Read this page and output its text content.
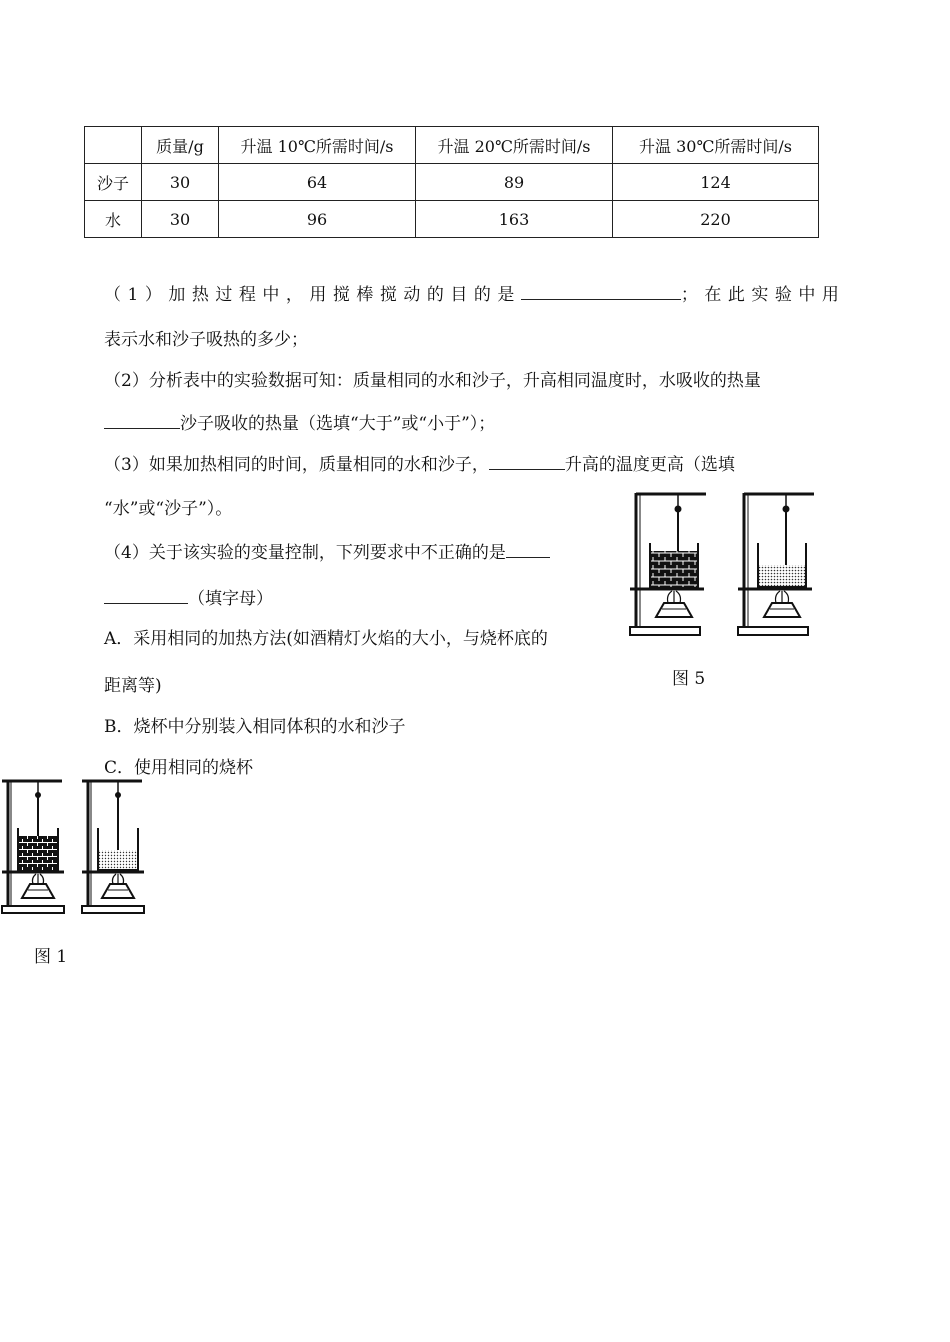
	质量/g	升温 10℃所需时间/s	升温 20℃所需时间/s	升温 30℃所需时间/s
沙子	30	64	89	124
水	30	96	163	220
（1）加热过程中，用搅棒搅动的目的是	；在此实验中用
表示水和沙子吸热的多少；
（2）分析表中的实验数据可知：质量相同的水和沙子，升高相同温度时，水吸收的热量
沙子吸收的热量（选填“大于”或“小于”）；
（3）如果加热相同的时间，质量相同的水和沙子，	升高的温度更高（选填
“水”或“沙子”）。
（4）关于该实验的变量控制，下列要求中不正确的是
（填字母）
A．采用相同的加热方法(如酒精灯火焰的大小，与烧杯底的
距离等)
B．烧杯中分别装入相同体积的水和沙子
C．使用相同的烧杯
图 5
图 1
